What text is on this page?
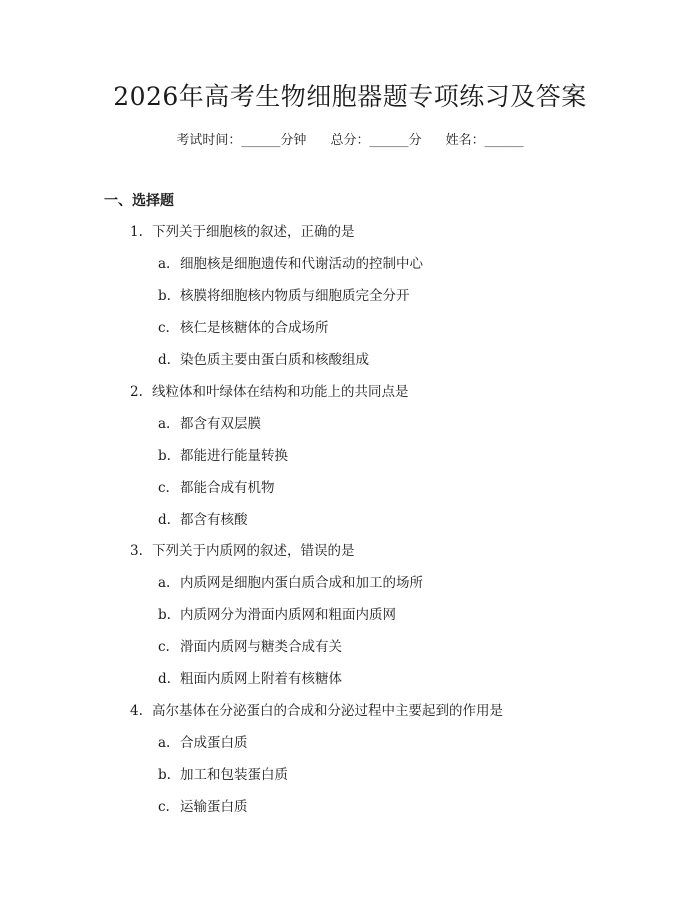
2026年高考生物细胞器题专项练习及答案
考试时间：______分钟 总分：______分 姓名：______
一、选择题
1. 下列关于细胞核的叙述，正确的是
a. 细胞核是细胞遗传和代谢活动的控制中心
b. 核膜将细胞核内物质与细胞质完全分开
c. 核仁是核糖体的合成场所
d. 染色质主要由蛋白质和核酸组成
2. 线粒体和叶绿体在结构和功能上的共同点是
a. 都含有双层膜
b. 都能进行能量转换
c. 都能合成有机物
d. 都含有核酸
3. 下列关于内质网的叙述，错误的是
a. 内质网是细胞内蛋白质合成和加工的场所
b. 内质网分为滑面内质网和粗面内质网
c. 滑面内质网与糖类合成有关
d. 粗面内质网上附着有核糖体
4. 高尔基体在分泌蛋白的合成和分泌过程中主要起到的作用是
a. 合成蛋白质
b. 加工和包装蛋白质
c. 运输蛋白质
